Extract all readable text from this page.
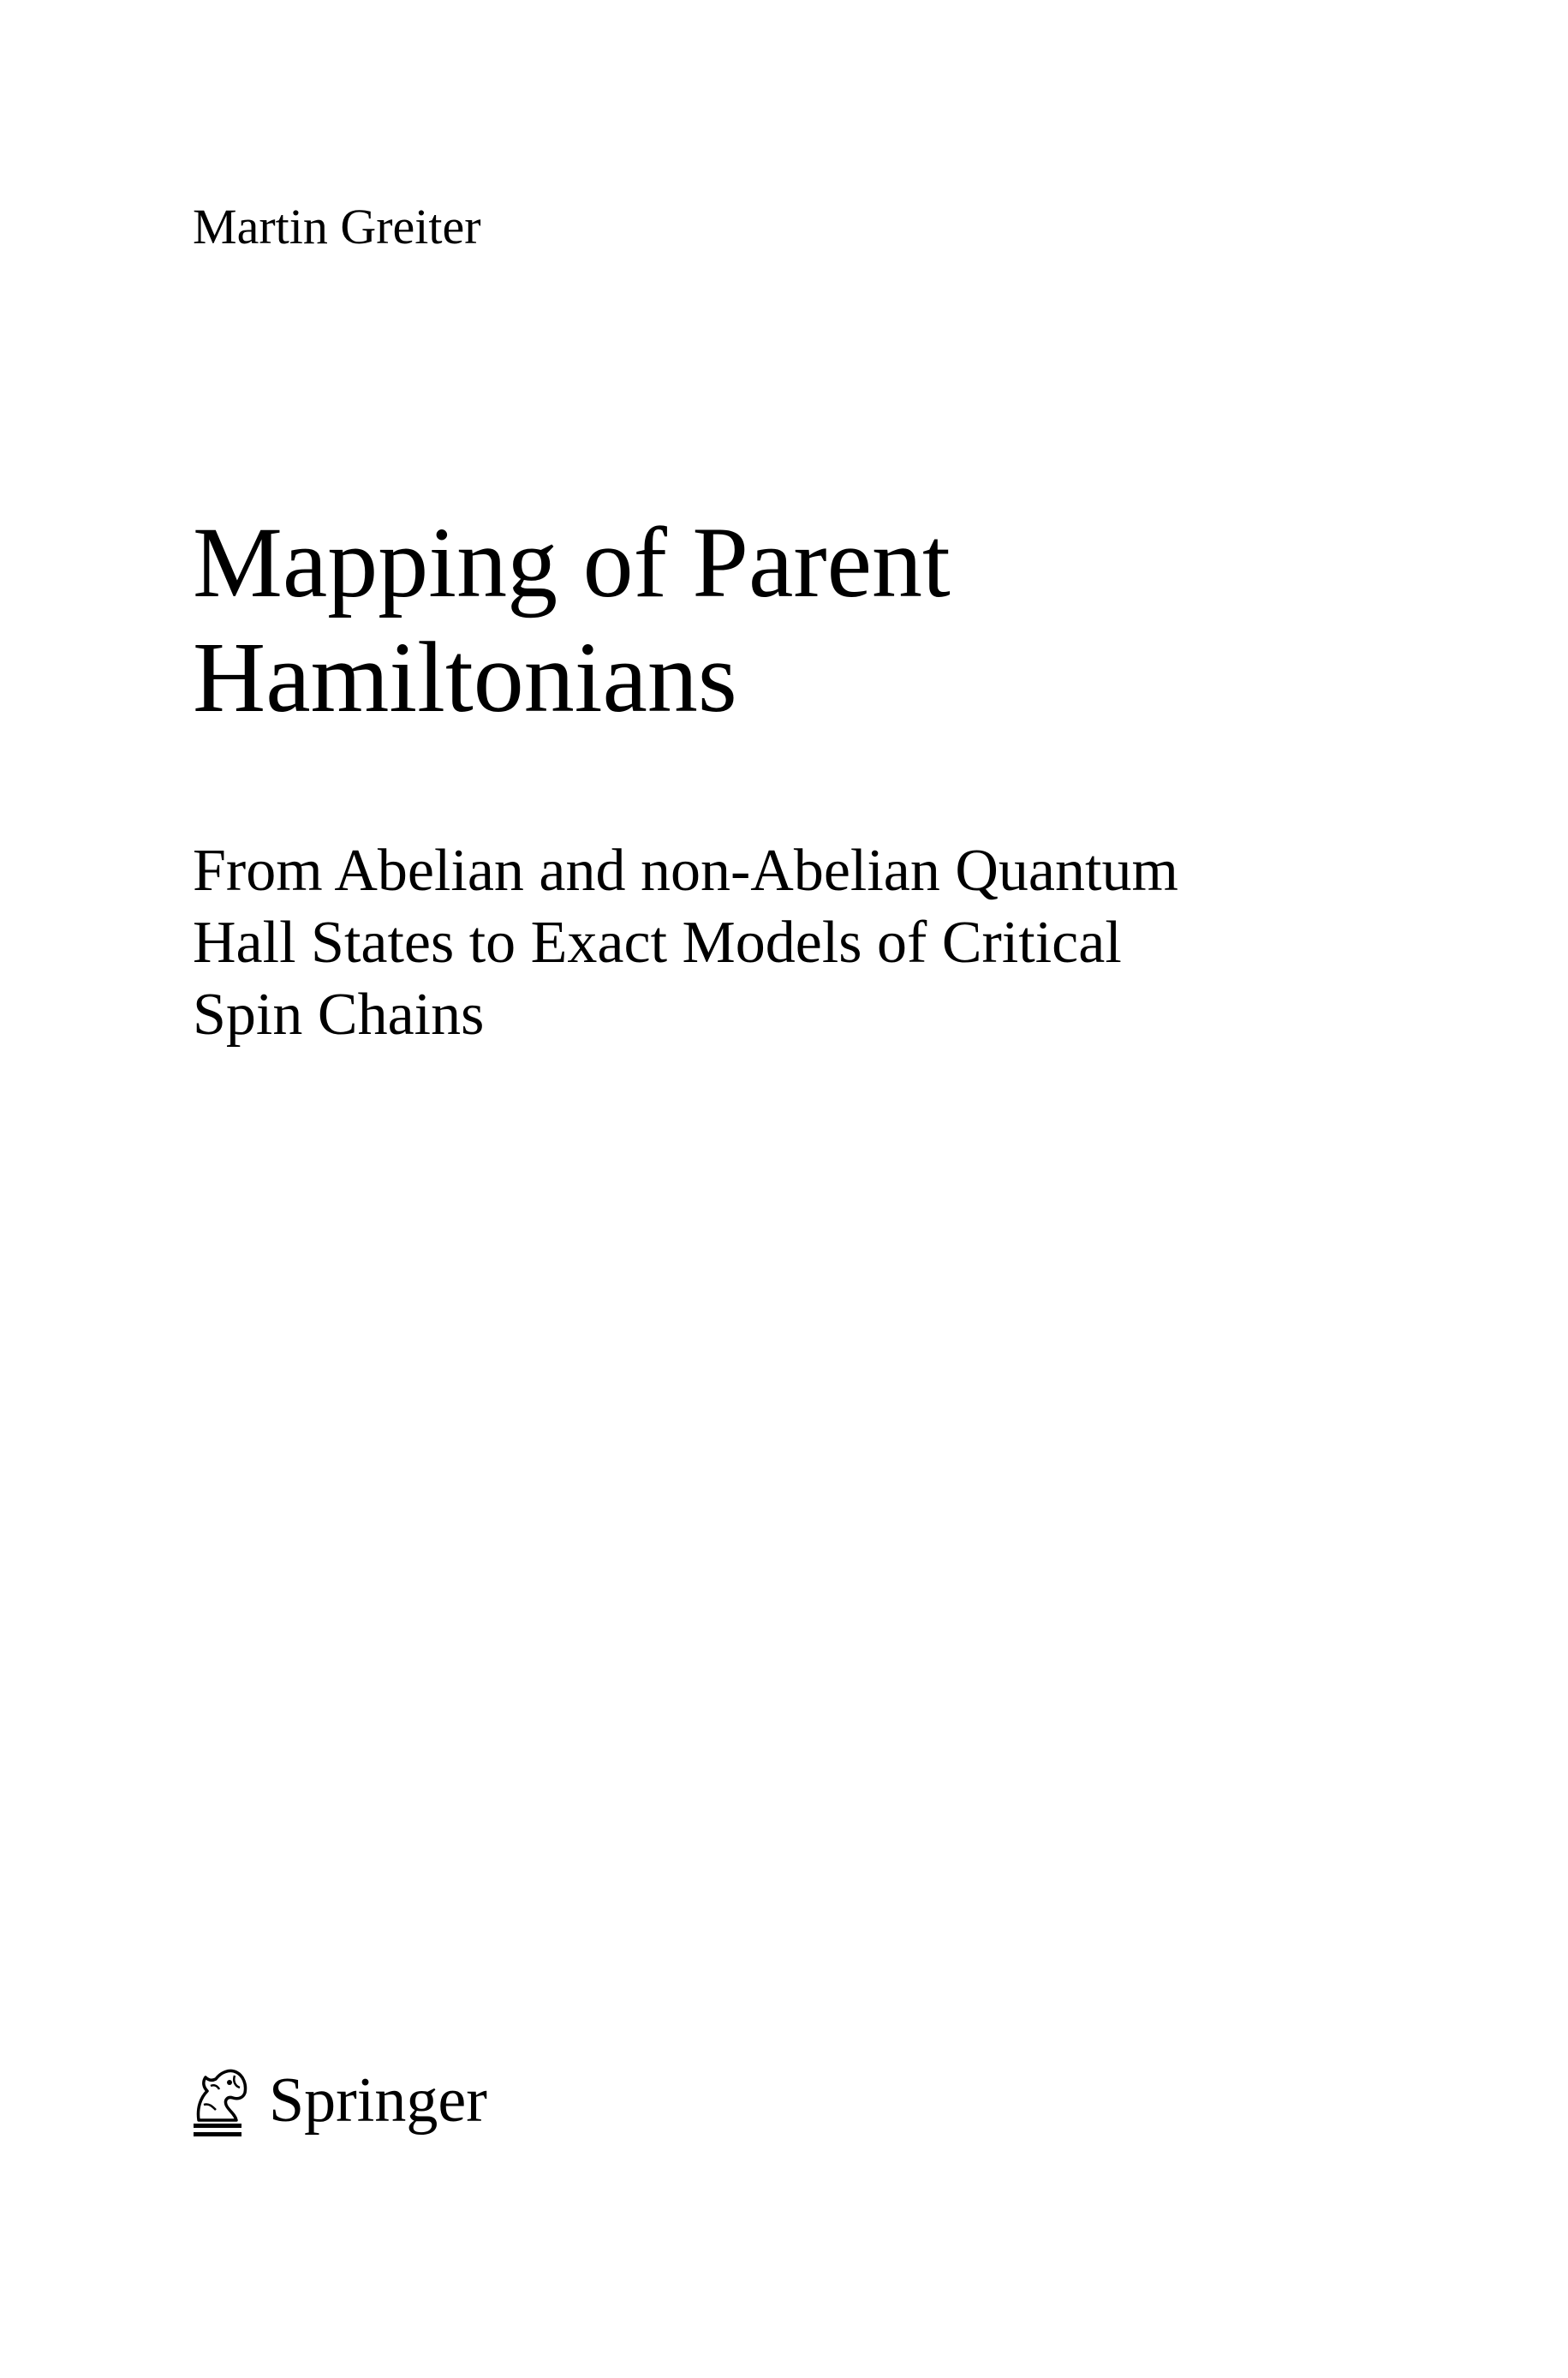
Martin Greiter
Mapping of Parent
Hamiltonians
From Abelian and non-Abelian Quantum
Hall States to Exact Models of Critical
Spin Chains
Springer
